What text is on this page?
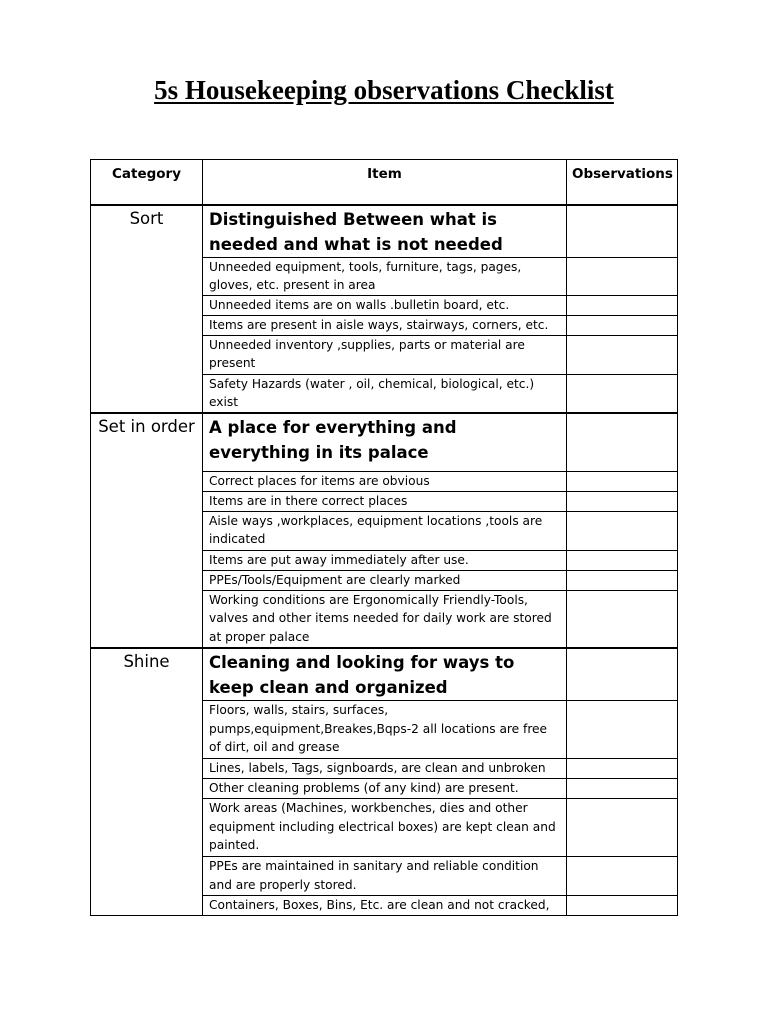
5s Housekeeping observations Checklist
Category	Item	Observations
Sort	Distinguished Between what is needed and what is not needed	
	Unneeded equipment, tools, furniture, tags, pages, gloves, etc. present in area	
	Unneeded items are on walls .bulletin board, etc.	
	Items are present in aisle ways, stairways, corners, etc.	
	Unneeded inventory ,supplies, parts or material are present	
	Safety Hazards (water , oil, chemical, biological, etc.) exist	
Set in order	A place for everything and everything in its palace	
	Correct places for items are obvious	
	Items are in there correct places	
	Aisle ways ,workplaces, equipment locations ,tools are indicated	
	Items are put away immediately after use.	
	PPEs/Tools/Equipment are clearly marked	
	Working conditions are Ergonomically Friendly-Tools, valves and other items needed for daily work are stored at proper palace	
Shine	Cleaning and looking for ways to keep clean and organized	
	Floors, walls, stairs, surfaces, pumps,equipment,Breakes,Bqps-2 all locations are free of dirt, oil and grease	
	Lines, labels, Tags, signboards, are clean and unbroken	
	Other cleaning problems (of any kind) are present.	
	Work areas (Machines, workbenches, dies and other equipment including electrical boxes) are kept clean and painted.	
	PPEs are maintained in sanitary and reliable condition and are properly stored.	
	Containers, Boxes, Bins, Etc. are clean and not cracked,	
